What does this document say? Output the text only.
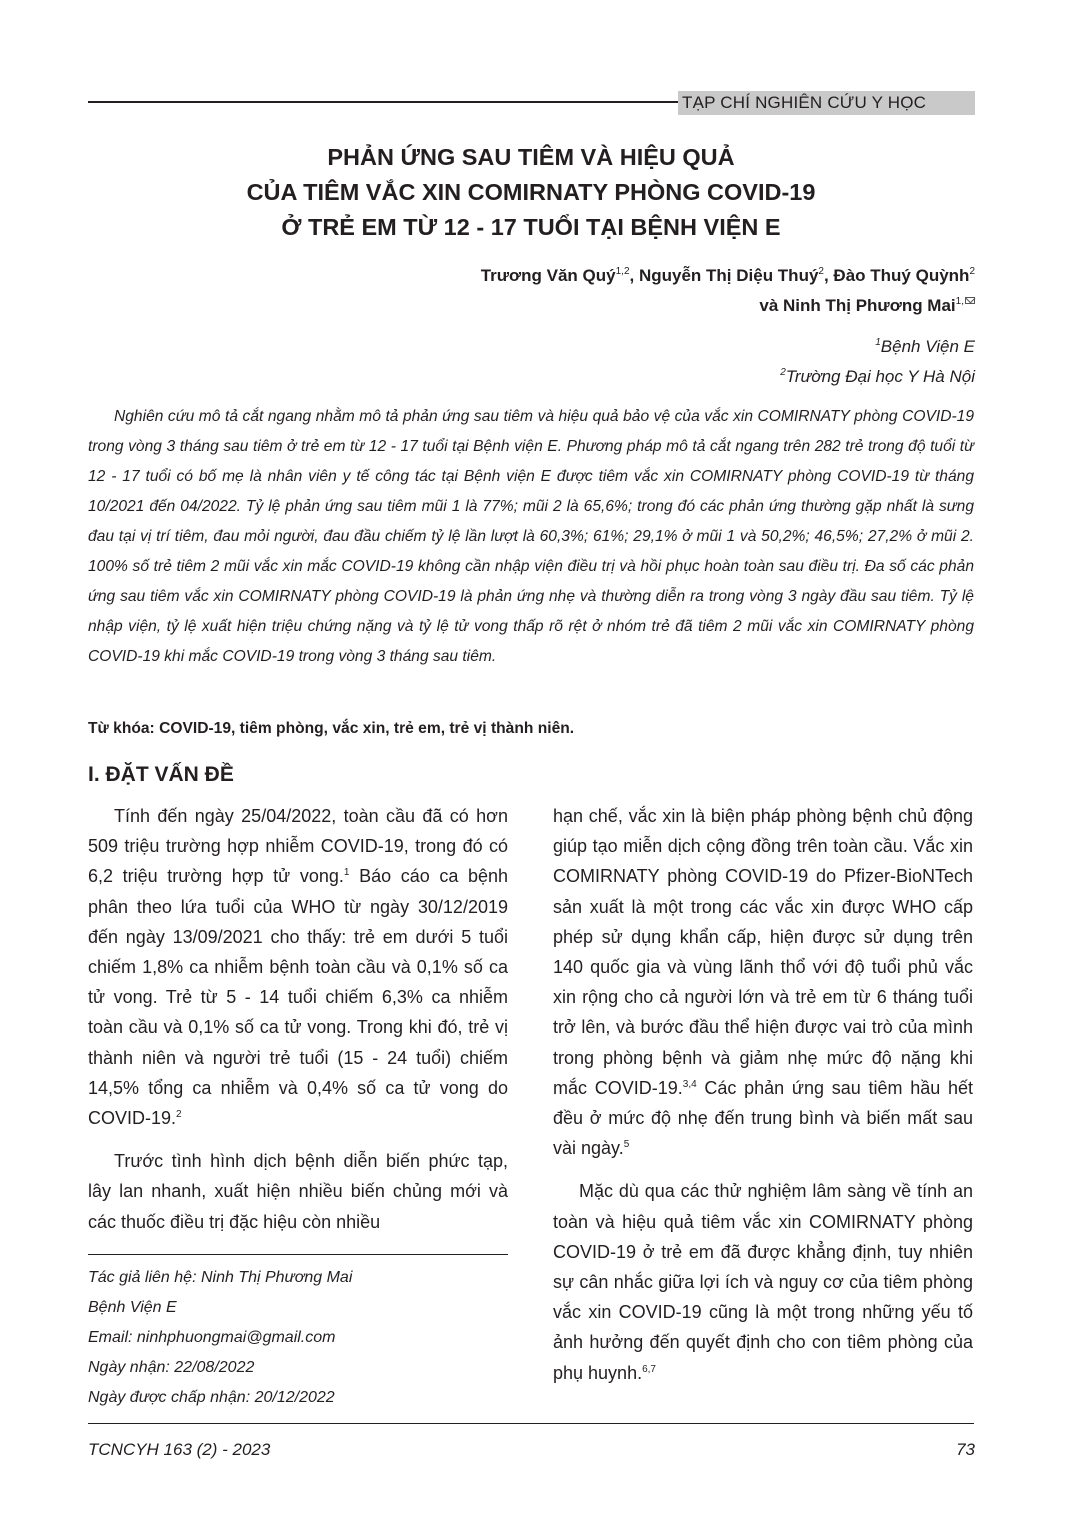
TẠP CHÍ NGHIÊN CỨU Y HỌC
PHẢN ỨNG SAU TIÊM VÀ HIỆU QUẢ
CỦA TIÊM VẮC XIN COMIRNATY PHÒNG COVID-19
Ở TRẺ EM TỪ 12 - 17 TUỔI TẠI BỆNH VIỆN E
Trương Văn Quý$^{1,2}$, Nguyễn Thị Diệu Thuý$^2$, Đào Thuý Quỳnh$^2$
và Ninh Thị Phương Mai$^{1,}$
$^1$Bệnh Viện E
$^2$Trường Đại học Y Hà Nội
Nghiên cứu mô tả cắt ngang nhằm mô tả phản ứng sau tiêm và hiệu quả bảo vệ của vắc xin COMIRNATY phòng COVID-19 trong vòng 3 tháng sau tiêm ở trẻ em từ 12 - 17 tuổi tại Bệnh viện E. Phương pháp mô tả cắt ngang trên 282 trẻ trong độ tuổi từ 12 - 17 tuổi có bố mẹ là nhân viên y tế công tác tại Bệnh viện E được tiêm vắc xin COMIRNATY phòng COVID-19 từ tháng 10/2021 đến 04/2022. Tỷ lệ phản ứng sau tiêm mũi 1 là 77%; mũi 2 là 65,6%; trong đó các phản ứng thường gặp nhất là sưng đau tại vị trí tiêm, đau mỏi người, đau đầu chiếm tỷ lệ lần lượt là 60,3%; 61%; 29,1% ở mũi 1 và 50,2%; 46,5%; 27,2% ở mũi 2. 100% số trẻ tiêm 2 mũi vắc xin mắc COVID-19 không cần nhập viện điều trị và hồi phục hoàn toàn sau điều trị. Đa số các phản ứng sau tiêm vắc xin COMIRNATY phòng COVID-19 là phản ứng nhẹ và thường diễn ra trong vòng 3 ngày đầu sau tiêm. Tỷ lệ nhập viện, tỷ lệ xuất hiện triệu chứng nặng và tỷ lệ tử vong thấp rõ rệt ở nhóm trẻ đã tiêm 2 mũi vắc xin COMIRNATY phòng COVID-19 khi mắc COVID-19 trong vòng 3 tháng sau tiêm.
Từ khóa: COVID-19, tiêm phòng, vắc xin, trẻ em, trẻ vị thành niên.
I. ĐẶT VẤN ĐỀ

Tính đến ngày 25/04/2022, toàn cầu đã có hơn 509 triệu trường hợp nhiễm COVID-19, trong đó có 6,2 triệu trường hợp tử vong.$^1$ Báo cáo ca bệnh phân theo lứa tuổi của WHO từ ngày 30/12/2019 đến ngày 13/09/2021 cho thấy: trẻ em dưới 5 tuổi chiếm 1,8% ca nhiễm bệnh toàn cầu và 0,1% số ca tử vong. Trẻ từ 5 - 14 tuổi chiếm 6,3% ca nhiễm toàn cầu và 0,1% số ca tử vong. Trong khi đó, trẻ vị thành niên và người trẻ tuổi (15 - 24 tuổi) chiếm 14,5% tổng ca nhiễm và 0,4% số ca tử vong do COVID-19.$^2$

Trước tình hình dịch bệnh diễn biến phức tạp, lây lan nhanh, xuất hiện nhiều biến chủng mới và các thuốc điều trị đặc hiệu còn nhiều

hạn chế, vắc xin là biện pháp phòng bệnh chủ động giúp tạo miễn dịch cộng đồng trên toàn cầu. Vắc xin COMIRNATY phòng COVID-19 do Pfizer-BioNTech sản xuất là một trong các vắc xin được WHO cấp phép sử dụng khẩn cấp, hiện được sử dụng trên 140 quốc gia và vùng lãnh thổ với độ tuổi phủ vắc xin rộng cho cả người lớn và trẻ em từ 6 tháng tuổi trở lên, và bước đầu thể hiện được vai trò của mình trong phòng bệnh và giảm nhẹ mức độ nặng khi mắc COVID-19.$^{3,4}$ Các phản ứng sau tiêm hầu hết đều ở mức độ nhẹ đến trung bình và biến mất sau vài ngày.$^5$

Mặc dù qua các thử nghiệm lâm sàng về tính an toàn và hiệu quả tiêm vắc xin COMIRNATY phòng COVID-19 ở trẻ em đã được khẳng định, tuy nhiên sự cân nhắc giữa lợi ích và nguy cơ của tiêm phòng vắc xin COVID-19 cũng là một trong những yếu tố ảnh hưởng đến quyết định cho con tiêm phòng của phụ huynh.$^{6,7}$

Tác giả liên hệ: Ninh Thị Phương Mai
Bệnh Viện E
Email: ninhphuongmai@gmail.com
Ngày nhận: 22/08/2022
Ngày được chấp nhận: 20/12/2022
TCNCYH 163 (2) - 2023	73
